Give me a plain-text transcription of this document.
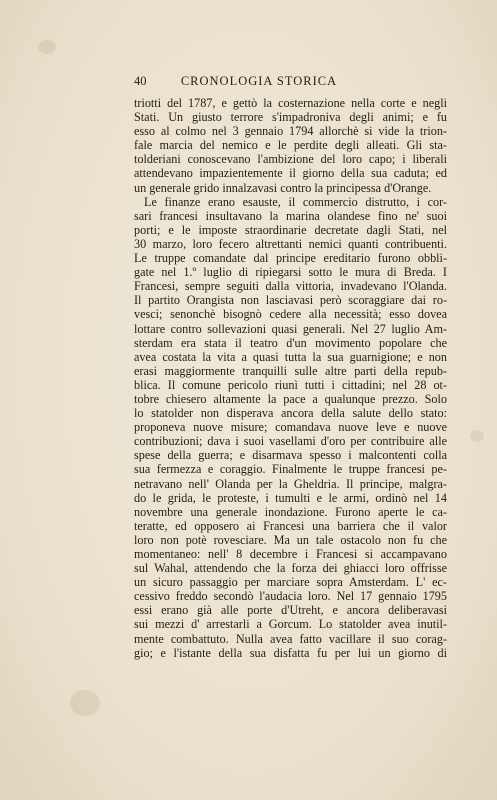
40	CRONOLOGIA STORICA
triotti del 1787, e gettò la costernazione nella corte e negli
Stati. Un giusto terrore s'impadroniva degli animi; e fu
esso al colmo nel 3 gennaio 1794 allorchè si vide la trion-
fale marcia del nemico e le perdite degli alleati. Gli sta-
tolderiani conoscevano l'ambizione del loro capo; i liberali
attendevano impazientemente il giorno della sua caduta; ed
un generale grido innalzavasi contro la principessa d'Orange.
Le finanze erano esauste, il commercio distrutto, i cor-
sari francesi insultavano la marina olandese fino ne' suoi
porti; e le imposte straordinarie decretate dagli Stati, nel
30 marzo, loro fecero altrettanti nemici quanti contribuenti.
Le truppe comandate dal principe ereditario furono obbli-
gate nel 1.º luglio di ripiegarsi sotto le mura di Breda. I
Francesi, sempre seguiti dalla vittoria, invadevano l'Olanda.
Il partito Orangista non lasciavasi però scoraggiare dai ro-
vesci; senonchè bisognò cedere alla necessità; esso dovea
lottare contro sollevazioni quasi generali. Nel 27 luglio Am-
sterdam era stata il teatro d'un movimento popolare che
avea costata la vita a quasi tutta la sua guarnigione; e non
erasi maggiormente tranquilli sulle altre parti della repub-
blica. Il comune pericolo riunì tutti i cittadini; nel 28 ot-
tobre chiesero altamente la pace a qualunque prezzo. Solo
lo statolder non disperava ancora della salute dello stato:
proponeva nuove misure; comandava nuove leve e nuove
contribuzioni; dava i suoi vasellami d'oro per contribuire alle
spese della guerra; e disarmava spesso i malcontenti colla
sua fermezza e coraggio. Finalmente le truppe francesi pe-
netravano nell' Olanda per la Gheldria. Il principe, malgra-
do le grida, le proteste, i tumulti e le armi, ordinò nel 14
novembre una generale inondazione. Furono aperte le ca-
teratte, ed opposero ai Francesi una barriera che il valor
loro non potè rovesciare. Ma un tale ostacolo non fu che
momentaneo: nell' 8 decembre i Francesi si accampavano
sul Wahal, attendendo che la forza dei ghiacci loro offrisse
un sicuro passaggio per marciare sopra Amsterdam. L' ec-
cessivo freddo secondò l'audacia loro. Nel 17 gennaio 1795
essi erano già alle porte d'Utreht, e ancora deliberavasi
sui mezzi d' arrestarli a Gorcum. Lo statolder avea inutil-
mente combattuto. Nulla avea fatto vacillare il suo corag-
gio; e l'istante della sua disfatta fu per lui un giorno di
